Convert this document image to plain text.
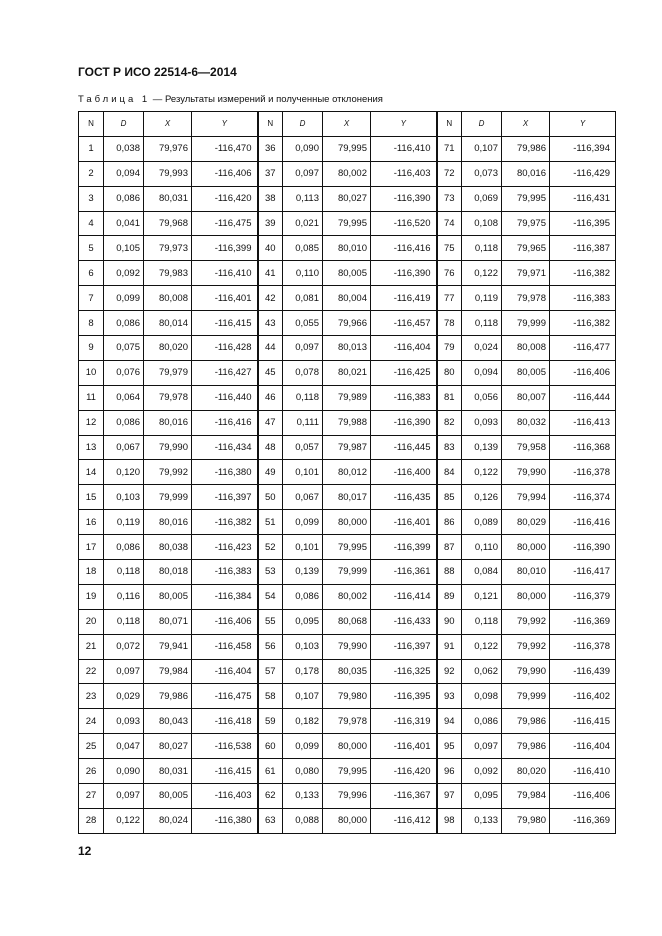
ГОСТ Р ИСО 22514-6—2014
Таблица 1 — Результаты измерений и полученные отклонения
N	D	X	Y	N	D	X	Y	N	D	X	Y
1	0,038	79,976	-116,470	36	0,090	79,995	-116,410	71	0,107	79,986	-116,394
2	0,094	79,993	-116,406	37	0,097	80,002	-116,403	72	0,073	80,016	-116,429
3	0,086	80,031	-116,420	38	0,113	80,027	-116,390	73	0,069	79,995	-116,431
4	0,041	79,968	-116,475	39	0,021	79,995	-116,520	74	0,108	79,975	-116,395
5	0,105	79,973	-116,399	40	0,085	80,010	-116,416	75	0,118	79,965	-116,387
6	0,092	79,983	-116,410	41	0,110	80,005	-116,390	76	0,122	79,971	-116,382
7	0,099	80,008	-116,401	42	0,081	80,004	-116,419	77	0,119	79,978	-116,383
8	0,086	80,014	-116,415	43	0,055	79,966	-116,457	78	0,118	79,999	-116,382
9	0,075	80,020	-116,428	44	0,097	80,013	-116,404	79	0,024	80,008	-116,477
10	0,076	79,979	-116,427	45	0,078	80,021	-116,425	80	0,094	80,005	-116,406
11	0,064	79,978	-116,440	46	0,118	79,989	-116,383	81	0,056	80,007	-116,444
12	0,086	80,016	-116,416	47	0,111	79,988	-116,390	82	0,093	80,032	-116,413
13	0,067	79,990	-116,434	48	0,057	79,987	-116,445	83	0,139	79,958	-116,368
14	0,120	79,992	-116,380	49	0,101	80,012	-116,400	84	0,122	79,990	-116,378
15	0,103	79,999	-116,397	50	0,067	80,017	-116,435	85	0,126	79,994	-116,374
16	0,119	80,016	-116,382	51	0,099	80,000	-116,401	86	0,089	80,029	-116,416
17	0,086	80,038	-116,423	52	0,101	79,995	-116,399	87	0,110	80,000	-116,390
18	0,118	80,018	-116,383	53	0,139	79,999	-116,361	88	0,084	80,010	-116,417
19	0,116	80,005	-116,384	54	0,086	80,002	-116,414	89	0,121	80,000	-116,379
20	0,118	80,071	-116,406	55	0,095	80,068	-116,433	90	0,118	79,992	-116,369
21	0,072	79,941	-116,458	56	0,103	79,990	-116,397	91	0,122	79,992	-116,378
22	0,097	79,984	-116,404	57	0,178	80,035	-116,325	92	0,062	79,990	-116,439
23	0,029	79,986	-116,475	58	0,107	79,980	-116,395	93	0,098	79,999	-116,402
24	0,093	80,043	-116,418	59	0,182	79,978	-116,319	94	0,086	79,986	-116,415
25	0,047	80,027	-116,538	60	0,099	80,000	-116,401	95	0,097	79,986	-116,404
26	0,090	80,031	-116,415	61	0,080	79,995	-116,420	96	0,092	80,020	-116,410
27	0,097	80,005	-116,403	62	0,133	79,996	-116,367	97	0,095	79,984	-116,406
28	0,122	80,024	-116,380	63	0,088	80,000	-116,412	98	0,133	79,980	-116,369
12
